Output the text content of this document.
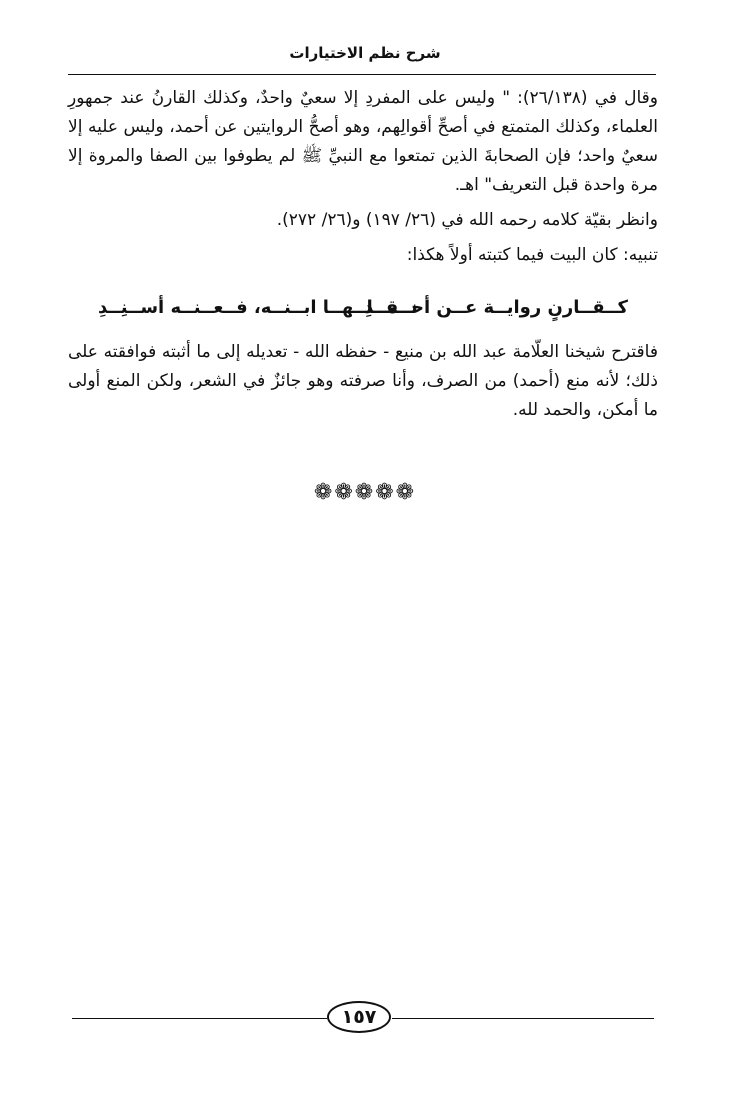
شرح نظم الاختيارات

وقال في (٢٦/١٣٨): " وليس على المفردِ إلا سعيٌ واحدٌ، وكذلك القارنُ عند جمهورِ العلماء، وكذلك المتمتع في أصحِّ أقوالِهم، وهو أصحُّ الروايتين عن أحمد، وليس عليه إلا سعيٌ واحد؛ فإن الصحابةَ الذين تمتعوا مع النبيِّ ﷺ لم يطوفوا بين الصفا والمروة إلا مرة واحدة قبل التعريف" اهـ.

وانظر بقيّة كلامه رحمه الله في (٢٦/ ١٩٧) و(٢٦/ ٢٧٢).

تنبيه: كان البيت فيما كتبته أولاً هكذا:

كــقــارنٍ روايــة عــن أحــمــدِ
نــقــلــهــا ابــنــه، فــعــنــه أســنِــدِ

فاقترح شيخنا العلّامة عبد الله بن منيع - حفظه الله - تعديله إلى ما أثبته فوافقته على ذلك؛ لأنه منع (أحمد) من الصرف، وأنا صرفته وهو جائزٌ في الشعر، ولكن المنع أولى ما أمكن، والحمد لله.

❁❁❁❁❁
١٥٧
